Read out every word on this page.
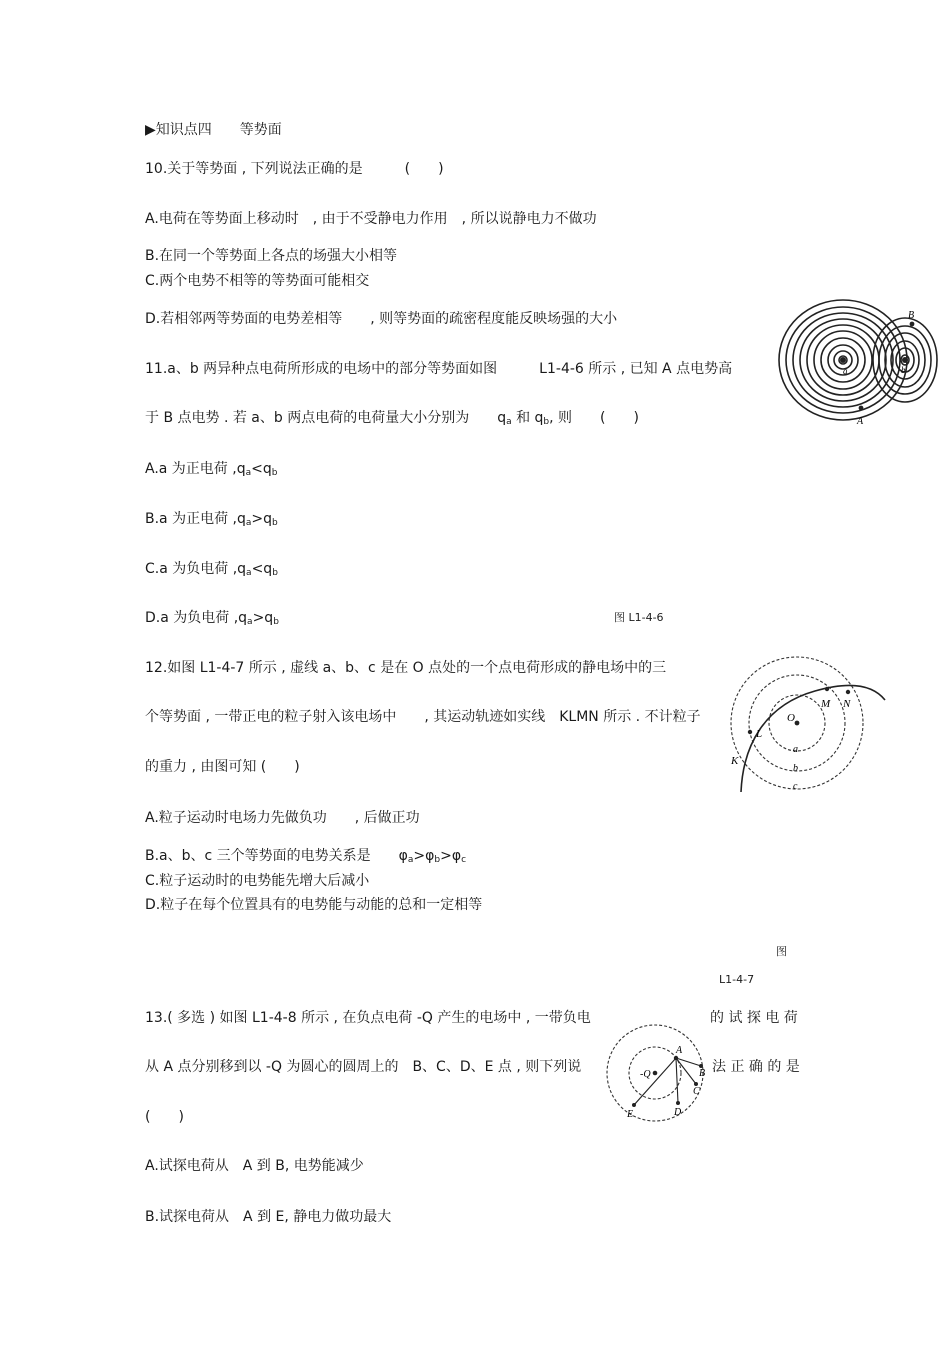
▶知识点四　　等势面
10.关于等势面 , 下列说法正确的是　　　(　　)
A.电荷在等势面上移动时　, 由于不受静电力作用　, 所以说静电力不做功
B.在同一个等势面上各点的场强大小相等
C.两个电势不相等的等势面可能相交
D.若相邻两等势面的电势差相等　　, 则等势面的疏密程度能反映场强的大小
11.a、b 两异种点电荷所形成的电场中的部分等势面如图　　　L1-4-6 所示 , 已知 A 点电势高
于 B 点电势 . 若 a、b 两点电荷的电荷量大小分别为　　$q_a$ 和 $q_b$, 则　　(　　)
A.a 为正电荷 $,q_a<q_b$
B.a 为正电荷 $,q_a>q_b$
C.a 为负电荷 $,q_a<q_b$
D.a 为负电荷 $,q_a>q_b$	图 L1-4-6
a	b
A
B
12.如图 L1-4-7 所示 , 虚线 a、b、c 是在 O 点处的一个点电荷形成的静电场中的三
个等势面 , 一带正电的粒子射入该电场中　　, 其运动轨迹如实线　KLMN 所示 . 不计粒子
的重力 , 由图可知 (　　)
A.粒子运动时电场力先做负功　　, 后做正功
B.a、b、c 三个等势面的电势关系是　　$\varphi_a>\varphi_b>\varphi_c$
C.粒子运动时的电势能先增大后减小
D.粒子在每个位置具有的电势能与动能的总和一定相等
图
L1-4-7
O
a
b
c
K
L
M N
13.( 多选 ) 如图 L1-4-8 所示 , 在负点电荷 -Q 产生的电场中 , 一带负电	的 试 探 电 荷
从 A 点分别移到以 -Q 为圆心的圆周上的　B、C、D、E 点 , 则下列说	法 正 确 的 是
(　　)
A.试探电荷从　A 到 B, 电势能减少
B.试探电荷从　A 到 E, 静电力做功最大
-Q
A
B
C
D
E
